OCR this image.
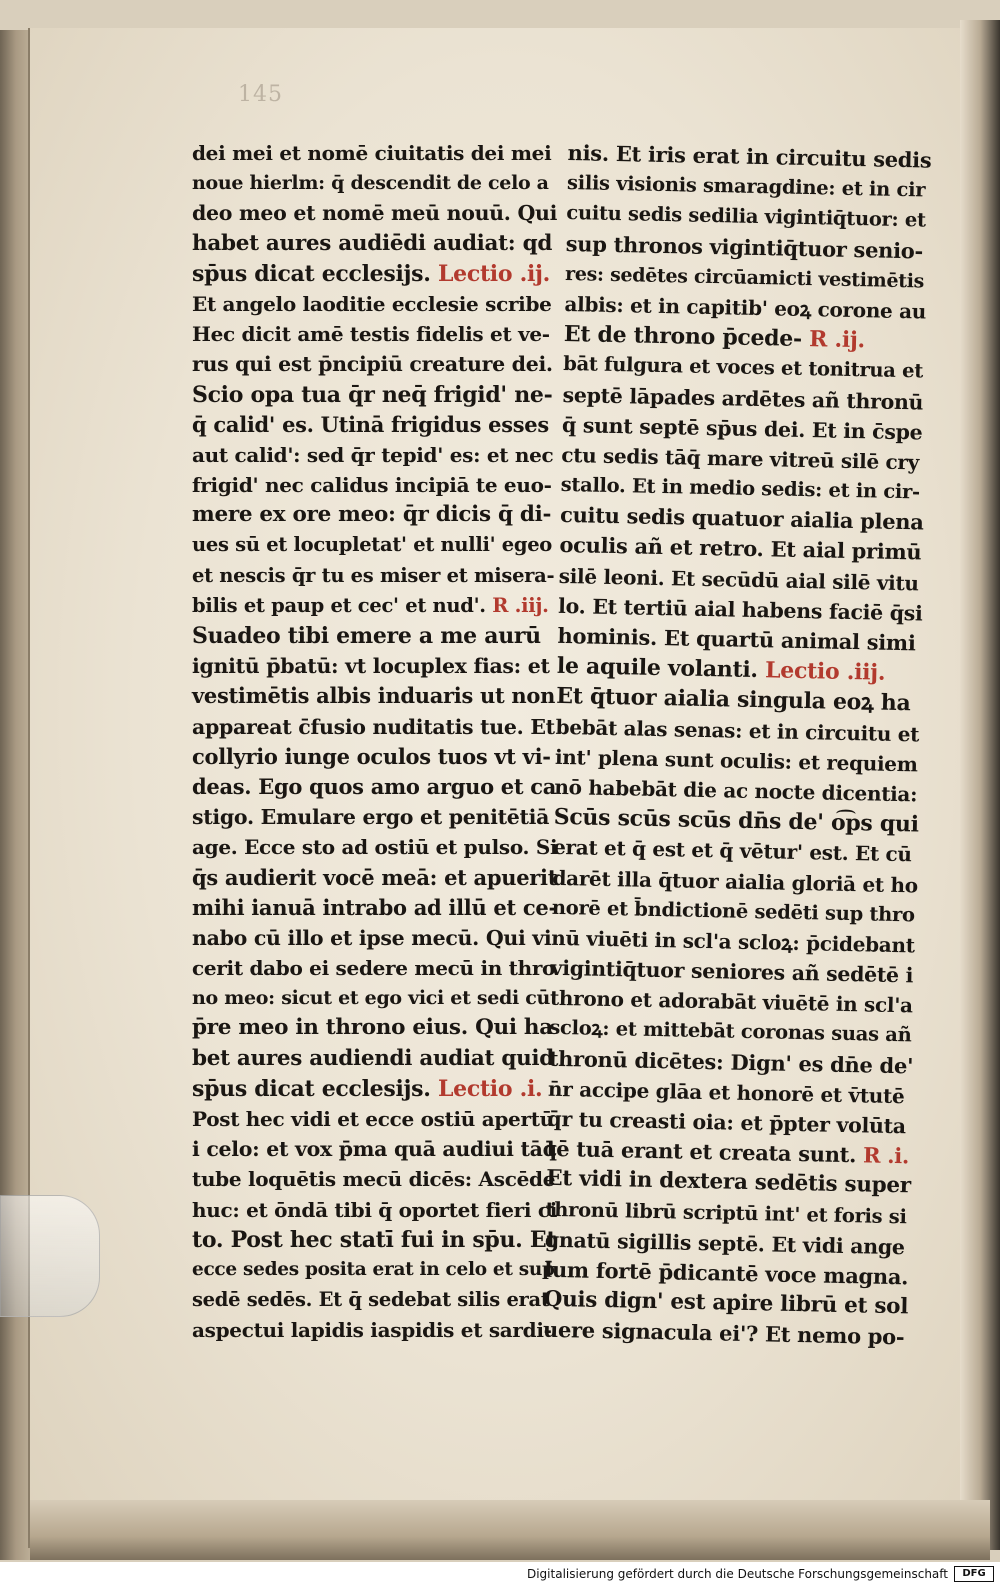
145
dei mei et nomē ciuitatis dei mei
noue hierlm: q̄ descendit de celo a
deo meo et nomē meū nouū. Qui
habet aures audiēdi audiat: qd
sp̄us dicat ecclesijs. Lectio .ij.
Et angelo laoditie ecclesie scribe
Hec dicit amē testis fidelis et ve-
rus qui est p̄ncipiū creature dei.
Scio opa tua q̄r neq̄ frigid' ne-
q̄ calid' es. Utinā frigidus esses
aut calid': sed q̄r tepid' es: et nec
frigid' nec calidus incipiā te euo-
mere ex ore meo: q̄r dicis q̄ di-
ues sū et locupletat' et nulli' egeo
et nescis q̄r tu es miser et misera-
bilis et paup et cec' et nud'. R .iij.
Suadeo tibi emere a me aurū
ignitū p̄batū: vt locuplex fias: et
vestimētis albis induaris ut non
appareat c̄fusio nuditatis tue. Et
collyrio iunge oculos tuos vt vi-
deas. Ego quos amo arguo et ca
stigo. Emulare ergo et penitētiā
age. Ecce sto ad ostiū et pulso. Si
q̄s audierit vocē meā: et apuerit
mihi ianuā intrabo ad illū et ce-
nabo cū illo et ipse mecū. Qui vi
cerit dabo ei sedere mecū in thro
no meo: sicut et ego vici et sedi cū
p̄re meo in throno eius. Qui ha
bet aures audiendi audiat quid
sp̄us dicat ecclesijs. Lectio .i.
Post hec vidi et ecce ostiū apertū
i celo: et vox p̄ma quā audiui tāq̄
tube loquētis mecū dicēs: Ascēde
huc: et ōndā tibi q̄ oportet fieri ci
to. Post hec statī fui in sp̄u. Et
ecce sedes posita erat in celo et sup̄
sedē sedēs. Et q̄ sedebat silis erat
aspectui lapidis iaspidis et sardi-
nis. Et iris erat in circuitu sedis
silis visionis smaragdine: et in cir
cuitu sedis sedilia vigintiq̄tuor: et
sup thronos vigintiq̄tuor senio-
res: sedētes circūamicti vestimētis
albis: et in capitib' eoꝝ corone au
Et de throno p̄cede- R .ij.
bāt fulgura et voces et tonitrua et
septē lāpades ardētes añ thronū
q̄ sunt septē sp̄us dei. Et in c̄spe
ctu sedis tāq̄ mare vitreū silē cry
stallo. Et in medio sedis: et in cir-
cuitu sedis quatuor aialia plena
oculis añ et retro. Et aial primū
silē leoni. Et secūdū aial silē vitu
lo. Et tertiū aial habens faciē q̄si
hominis. Et quartū animal simi
le aquile volanti. Lectio .iij.
Et q̄tuor aialia singula eoꝝ ha
bebāt alas senas: et in circuitu et
int' plena sunt oculis: et requiem
nō habebāt die ac nocte dicentia:
Scūs scūs scūs dn̄s de' o͡ps qui
erat et q̄ est et q̄ vētur' est. Et cū
darēt illa q̄tuor aialia gloriā et ho
norē et b̄ndictionē sedēti sup thro
nū viuēti in scl'a scloꝝ: p̄cidebant
vigintiq̄tuor seniores añ sedētē i
throno et adorabāt viuētē in scl'a
scloꝝ: et mittebāt coronas suas añ
thronū dicētes: Dign' es dn̄e de'
n̄r accipe glāa et honorē et v̄tutē
q̄r tu creasti oia: et p̄pter volūta
tē tuā erant et creata sunt. R .i.
Et vidi in dextera sedētis super
thronū librū scriptū int' et foris si
gnatū sigillis septē. Et vidi ange
lum fortē p̄dicantē voce magna.
Quis dign' est apire librū et sol
uere signacula ei'? Et nemo po-
Digitalisierung gefördert durch die Deutsche Forschungsgemeinschaft	DFG
